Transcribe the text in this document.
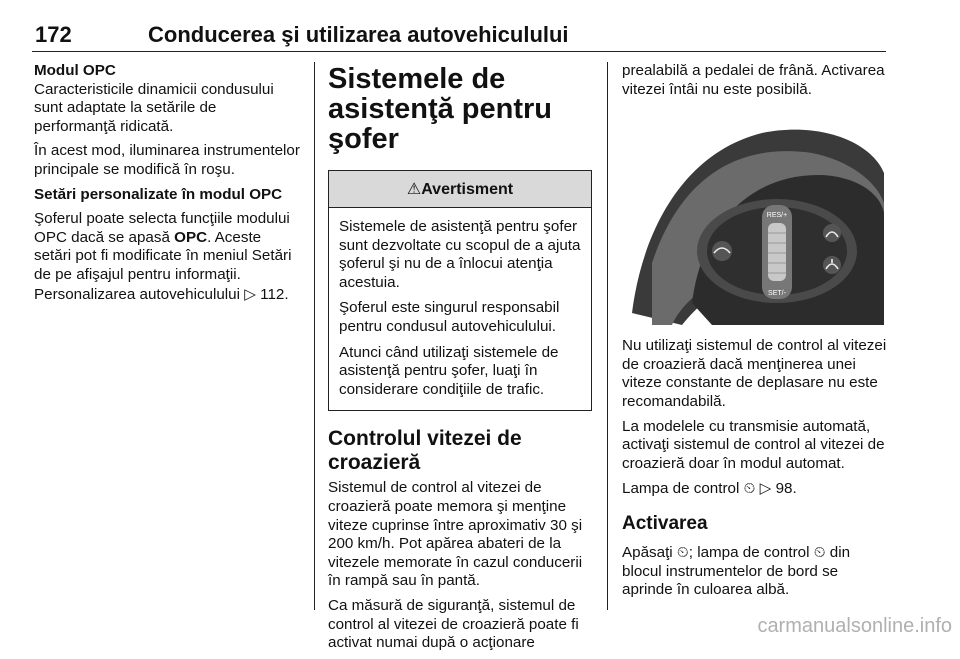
172	Conducerea şi utilizarea autovehiculului

Modul OPC

Caracteristicile dinamicii condusului sunt adaptate la setările de performanţă ridicată.

În acest mod, iluminarea instrumentelor principale se modifică în roşu.

Setări personalizate în modul OPC

Şoferul poate selecta funcţiile modului OPC dacă se apasă OPC. Aceste setări pot fi modificate în meniul Setări de pe afişajul pentru informaţii. Personalizarea autovehiculului ▷ 112.

Sistemele de asistenţă pentru şofer
⚠Avertisment

Sistemele de asistenţă pentru şofer sunt dezvoltate cu scopul de a ajuta şoferul şi nu de a înlocui atenţia acestuia.

Şoferul este singurul responsabil pentru condusul autovehiculului.

Atunci când utilizaţi sistemele de asistenţă pentru şofer, luaţi în considerare condiţiile de trafic.

Controlul vitezei de croazieră

Sistemul de control al vitezei de croazieră poate memora şi menţine viteze cuprinse între aproximativ 30 şi 200 km/h. Pot apărea abateri de la vitezele memorate în cazul conducerii în rampă sau în pantă.

Ca măsură de siguranţă, sistemul de control al vitezei de croazieră poate fi activat numai după o acţionare

prealabilă a pedalei de frână. Activarea vitezei întâi nu este posibilă.

RES/+
SET/-

Nu utilizaţi sistemul de control al vitezei de croazieră dacă menţinerea unei viteze constante de deplasare nu este recomandabilă.

La modelele cu transmisie automată, activaţi sistemul de control al vitezei de croazieră doar în modul automat.

Lampa de control ⏲ ▷ 98.

Activarea

Apăsaţi ⏲; lampa de control ⏲ din blocul instrumentelor de bord se aprinde în culoarea albă.

carmanualsonline.info
